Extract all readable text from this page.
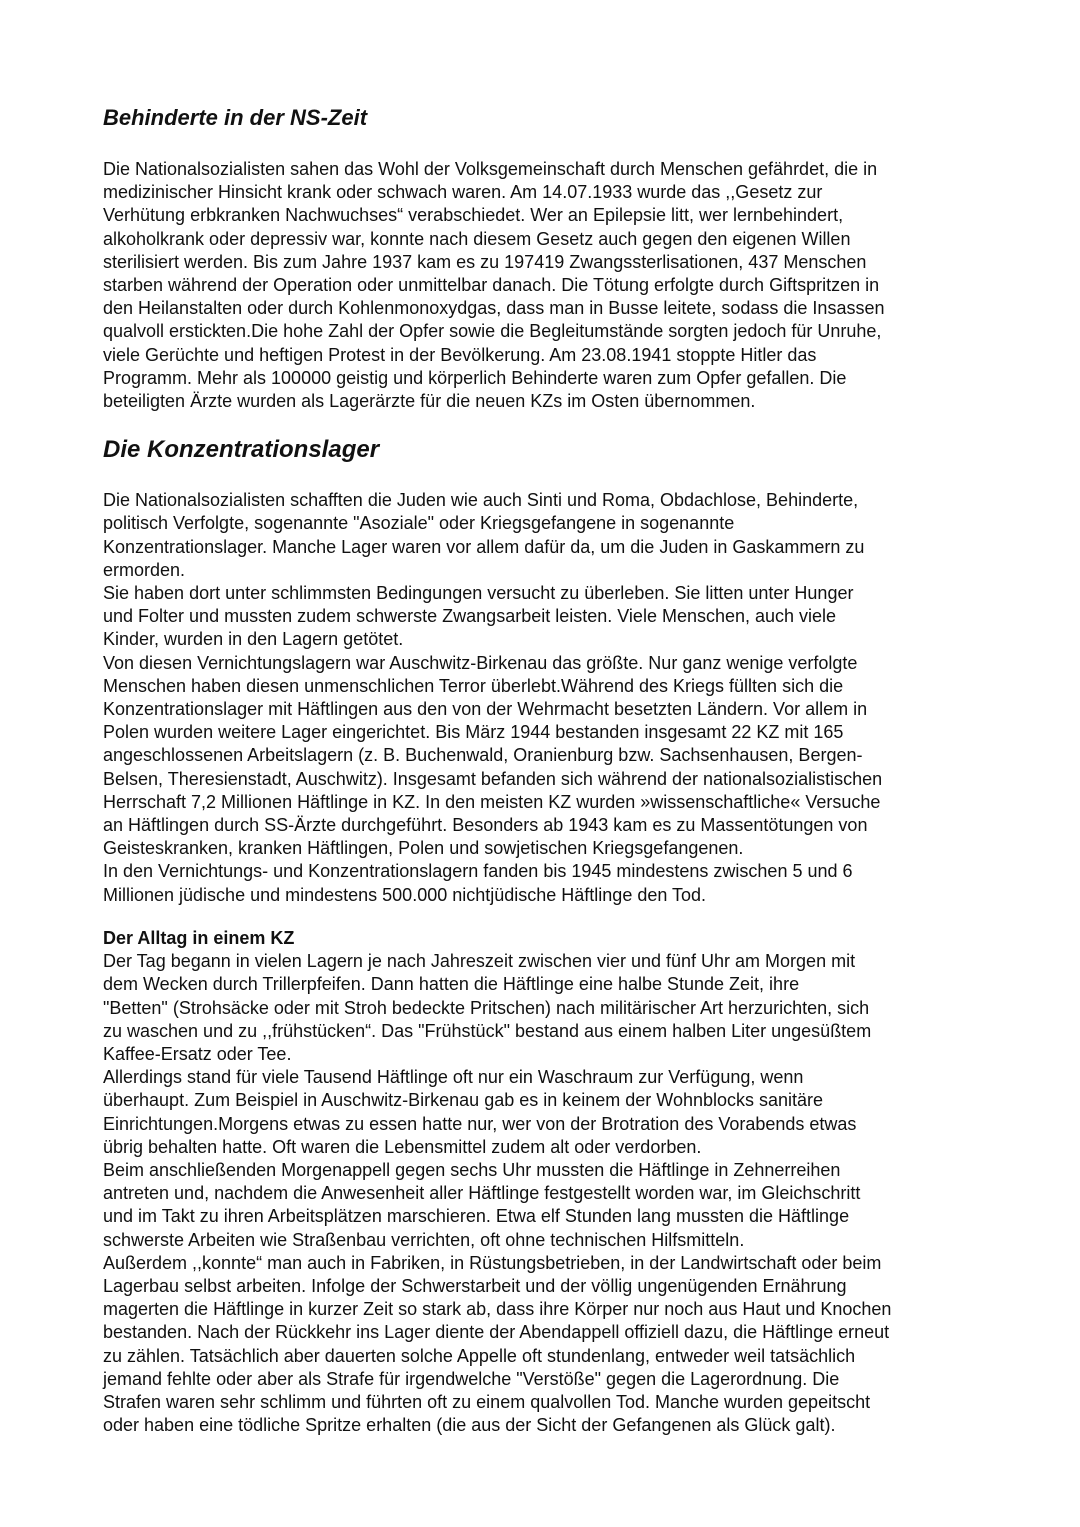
Behinderte in der NS-Zeit

Die Nationalsozialisten sahen das Wohl der Volksgemeinschaft durch Menschen gefährdet, die in
medizinischer Hinsicht krank oder schwach waren. Am 14.07.1933 wurde das ,,Gesetz zur
Verhütung erbkranken Nachwuchses“ verabschiedet. Wer an Epilepsie litt, wer lernbehindert,
alkoholkrank oder depressiv war, konnte nach diesem Gesetz auch gegen den eigenen Willen
sterilisiert werden. Bis zum Jahre 1937 kam es zu 197419 Zwangssterlisationen, 437 Menschen
starben während der Operation oder unmittelbar danach. Die Tötung erfolgte durch Giftspritzen in
den Heilanstalten oder durch Kohlenmonoxydgas, dass man in Busse leitete, sodass die Insassen
qualvoll erstickten.Die hohe Zahl der Opfer sowie die Begleitumstände sorgten jedoch für Unruhe,
viele Gerüchte und heftigen Protest in der Bevölkerung. Am 23.08.1941 stoppte Hitler das
Programm. Mehr als 100000 geistig und körperlich Behinderte waren zum Opfer gefallen. Die
beteiligten Ärzte wurden als Lagerärzte für die neuen KZs im Osten übernommen.

Die Konzentrationslager

Die Nationalsozialisten schafften die Juden wie auch Sinti und Roma, Obdachlose, Behinderte,
politisch Verfolgte, sogenannte "Asoziale" oder Kriegsgefangene in sogenannte
Konzentrationslager. Manche Lager waren vor allem dafür da, um die Juden in Gaskammern zu
ermorden.
Sie haben dort unter schlimmsten Bedingungen versucht zu überleben. Sie litten unter Hunger
und Folter und mussten zudem schwerste Zwangsarbeit leisten. Viele Menschen, auch viele
Kinder, wurden in den Lagern getötet.
Von diesen Vernichtungslagern war Auschwitz-Birkenau das größte. Nur ganz wenige verfolgte
Menschen haben diesen unmenschlichen Terror überlebt.Während des Kriegs füllten sich die
Konzentrationslager mit Häftlingen aus den von der Wehrmacht besetzten Ländern. Vor allem in
Polen wurden weitere Lager eingerichtet. Bis März 1944 bestanden insgesamt 22 KZ mit 165
angeschlossenen Arbeitslagern (z. B. Buchenwald, Oranienburg bzw. Sachsenhausen, Bergen-
Belsen, Theresienstadt, Auschwitz). Insgesamt befanden sich während der nationalsozialistischen
Herrschaft 7,2 Millionen Häftlinge in KZ. In den meisten KZ wurden »wissenschaftliche« Versuche
an Häftlingen durch SS-Ärzte durchgeführt. Besonders ab 1943 kam es zu Massentötungen von
Geisteskranken, kranken Häftlingen, Polen und sowjetischen Kriegsgefangenen.
In den Vernichtungs- und Konzentrationslagern fanden bis 1945 mindestens zwischen 5 und 6
Millionen jüdische und mindestens 500.000 nichtjüdische Häftlinge den Tod.

Der Alltag in einem KZ

Der Tag begann in vielen Lagern je nach Jahreszeit zwischen vier und fünf Uhr am Morgen mit
dem Wecken durch Trillerpfeifen. Dann hatten die Häftlinge eine halbe Stunde Zeit, ihre
"Betten" (Strohsäcke oder mit Stroh bedeckte Pritschen) nach militärischer Art herzurichten, sich
zu waschen und zu ,,frühstücken“. Das "Frühstück" bestand aus einem halben Liter ungesüßtem
Kaffee-Ersatz oder Tee.
Allerdings stand für viele Tausend Häftlinge oft nur ein Waschraum zur Verfügung, wenn
überhaupt. Zum Beispiel in Auschwitz-Birkenau gab es in keinem der Wohnblocks sanitäre
Einrichtungen.Morgens etwas zu essen hatte nur, wer von der Brotration des Vorabends etwas
übrig behalten hatte. Oft waren die Lebensmittel zudem alt oder verdorben.
Beim anschließenden Morgenappell gegen sechs Uhr mussten die Häftlinge in Zehnerreihen
antreten und, nachdem die Anwesenheit aller Häftlinge festgestellt worden war, im Gleichschritt
und im Takt zu ihren Arbeitsplätzen marschieren. Etwa elf Stunden lang mussten die Häftlinge
schwerste Arbeiten wie Straßenbau verrichten, oft ohne technischen Hilfsmitteln.
Außerdem ,,konnte“ man auch in Fabriken, in Rüstungsbetrieben, in der Landwirtschaft oder beim
Lagerbau selbst arbeiten. Infolge der Schwerstarbeit und der völlig ungenügenden Ernährung
magerten die Häftlinge in kurzer Zeit so stark ab, dass ihre Körper nur noch aus Haut und Knochen
bestanden. Nach der Rückkehr ins Lager diente der Abendappell offiziell dazu, die Häftlinge erneut
zu zählen. Tatsächlich aber dauerten solche Appelle oft stundenlang, entweder weil tatsächlich
jemand fehlte oder aber als Strafe für irgendwelche "Verstöße" gegen die Lagerordnung. Die
Strafen waren sehr schlimm und führten oft zu einem qualvollen Tod. Manche wurden gepeitscht
oder haben eine tödliche Spritze erhalten (die aus der Sicht der Gefangenen als Glück galt).
